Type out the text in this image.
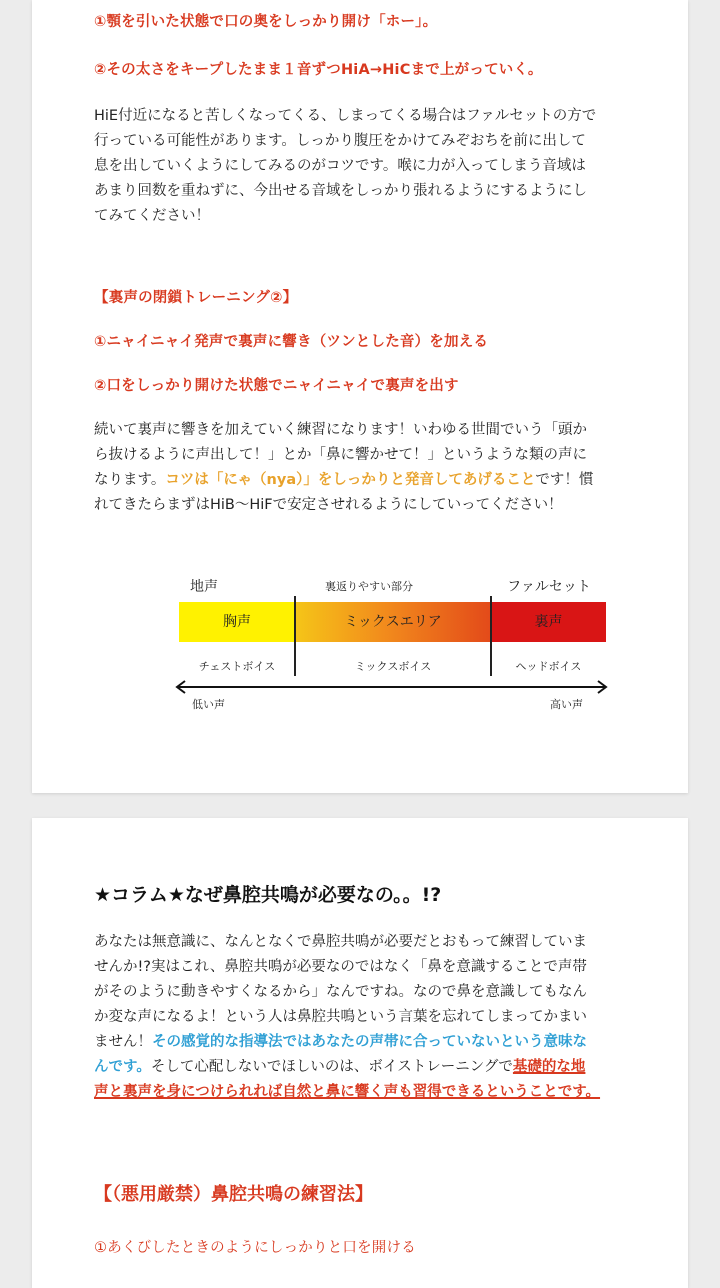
①顎を引いた状態で口の奥をしっかり開け「ホー」。

②その太さをキープしたまま１音ずつHiA→HiCまで上がっていく。

HiE付近になると苦しくなってくる、しまってくる場合はファルセットの方で
行っている可能性があります。しっかり腹圧をかけてみぞおちを前に出して
息を出していくようにしてみるのがコツです。喉に力が入ってしまう音域は
あまり回数を重ねずに、今出せる音域をしっかり張れるようにするようにし
てみてください！

【裏声の閉鎖トレーニング②】

①ニャイニャイ発声で裏声に響き（ツンとした音）を加える

②口をしっかり開けた状態でニャイニャイで裏声を出す

続いて裏声に響きを加えていく練習になります！いわゆる世間でいう「頭か
ら抜けるように声出して！」とか「鼻に響かせて！」というような類の声に
なります。コツは「にゃ（nya）」をしっかりと発音してあげることです！慣
れてきたらまずはHiB～HiFで安定させれるようにしていってください！
地声	裏返りやすい部分	ファルセット
胸声	ミックスエリア	裏声
チェストボイス	ミックスボイス	ヘッドボイス
低い声	高い声

★コラム★なぜ鼻腔共鳴が必要なの。。!?

あなたは無意識に、なんとなくで鼻腔共鳴が必要だとおもって練習していま
せんか!?実はこれ、鼻腔共鳴が必要なのではなく「鼻を意識することで声帯
がそのように動きやすくなるから」なんですね。なので鼻を意識してもなん
か変な声になるよ！という人は鼻腔共鳴という言葉を忘れてしまってかまい
ません！その感覚的な指導法ではあなたの声帯に合っていないという意味な
んです。そして心配しないでほしいのは、ボイストレーニングで基礎的な地
声と裏声を身につけられれば自然と鼻に響く声も習得できるということです。

【（悪用厳禁）鼻腔共鳴の練習法】

①あくびしたときのようにしっかりと口を開ける
